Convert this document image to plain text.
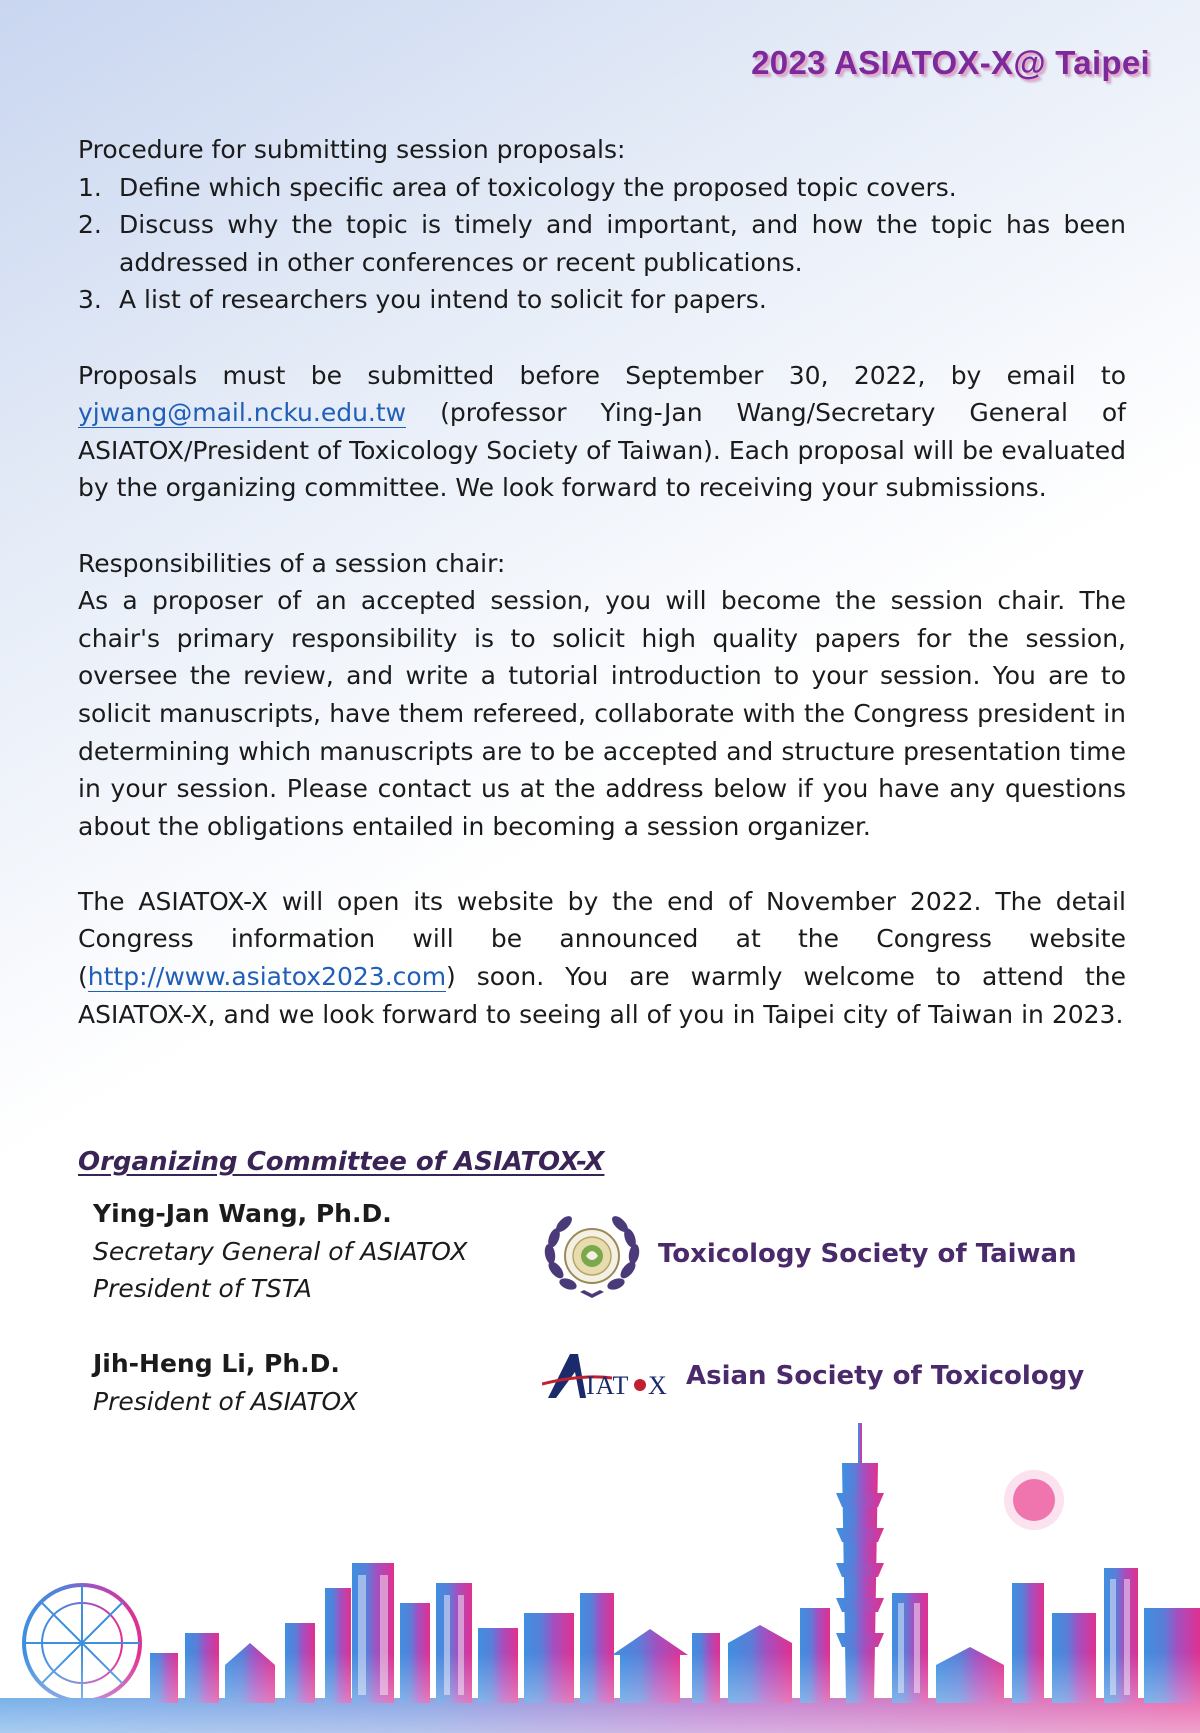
2023 ASIATOX-X@ Taipei

Procedure for submitting session proposals:

1. Define which specific area of toxicology the proposed topic covers.
2. Discuss why the topic is timely and important, and how the topic has been addressed in other conferences or recent publications.
3. A list of researchers you intend to solicit for papers.

Proposals must be submitted before September 30, 2022, by email to yjwang@mail.ncku.edu.tw (professor Ying-Jan Wang/Secretary General of ASIATOX/President of Toxicology Society of Taiwan). Each proposal will be evaluated by the organizing committee. We look forward to receiving your submissions.

Responsibilities of a session chair:

As a proposer of an accepted session, you will become the session chair. The chair's primary responsibility is to solicit high quality papers for the session, oversee the review, and write a tutorial introduction to your session. You are to solicit manuscripts, have them refereed, collaborate with the Congress president in determining which manuscripts are to be accepted and structure presentation time in your session. Please contact us at the address below if you have any questions about the obligations entailed in becoming a session organizer.

The ASIATOX-X will open its website by the end of November 2022. The detail Congress information will be announced at the Congress website (http://www.asiatox2023.com) soon. You are warmly welcome to attend the ASIATOX-X, and we look forward to seeing all of you in Taipei city of Taiwan in 2023.

Organizing Committee of ASIATOX-X
Ying-Jan Wang, Ph.D.
Secretary General of ASIATOX
President of TSTA
Jih-Heng Li, Ph.D.
President of ASIATOX
Toxicology Society of Taiwan
IAT X Asian Society of Toxicology
